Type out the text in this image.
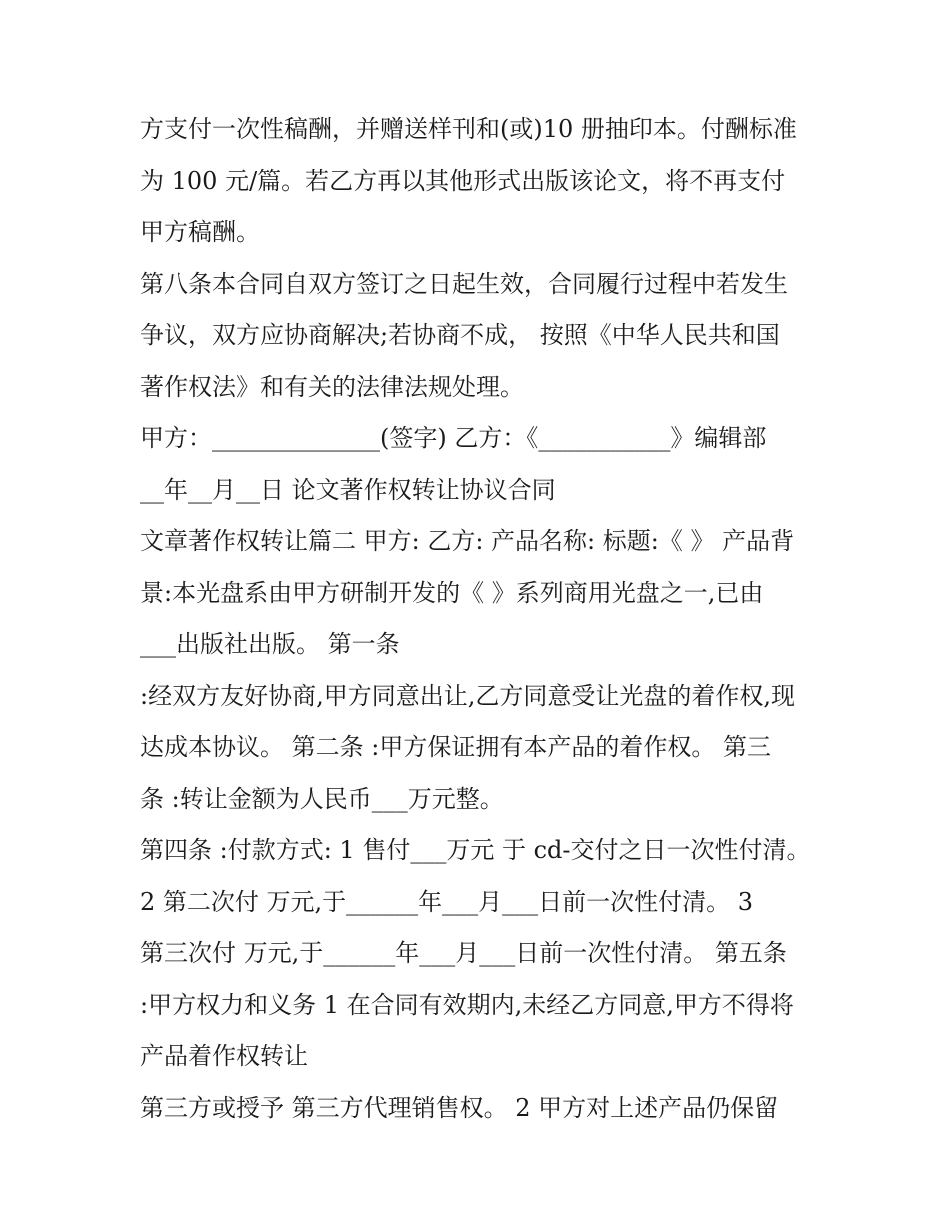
方支付一次性稿酬，并赠送样刊和(或)10 册抽印本。付酬标准
为 100 元/篇。若乙方再以其他形式出版该论文，将不再支付
甲方稿酬。
第八条本合同自双方签订之日起生效，合同履行过程中若发生
争议，双方应协商解决;若协商不成， 按照《中华人民共和国
著作权法》和有关的法律法规处理。
甲方：______________(签字) 乙方：《___________》编辑部
__年__月__日 论文著作权转让协议合同
文章著作权转让篇二 甲方: 乙方: 产品名称: 标题:《 》 产品背
景:本光盘系由甲方研制开发的《 》系列商用光盘之一,已由
___出版社出版。 第一条
:经双方友好协商,甲方同意出让,乙方同意受让光盘的着作权,现
达成本协议。 第二条 :甲方保证拥有本产品的着作权。 第三
条 :转让金额为人民币___万元整。
第四条 :付款方式: 1 售付___万元 于 cd-交付之日一次性付清。
2 第二次付 万元,于______年___月___日前一次性付清。 3
第三次付 万元,于______年___月___日前一次性付清。 第五条
:甲方权力和义务 1 在合同有效期内,未经乙方同意,甲方不得将
产品着作权转让
第三方或授予 第三方代理销售权。 2 甲方对上述产品仍保留
